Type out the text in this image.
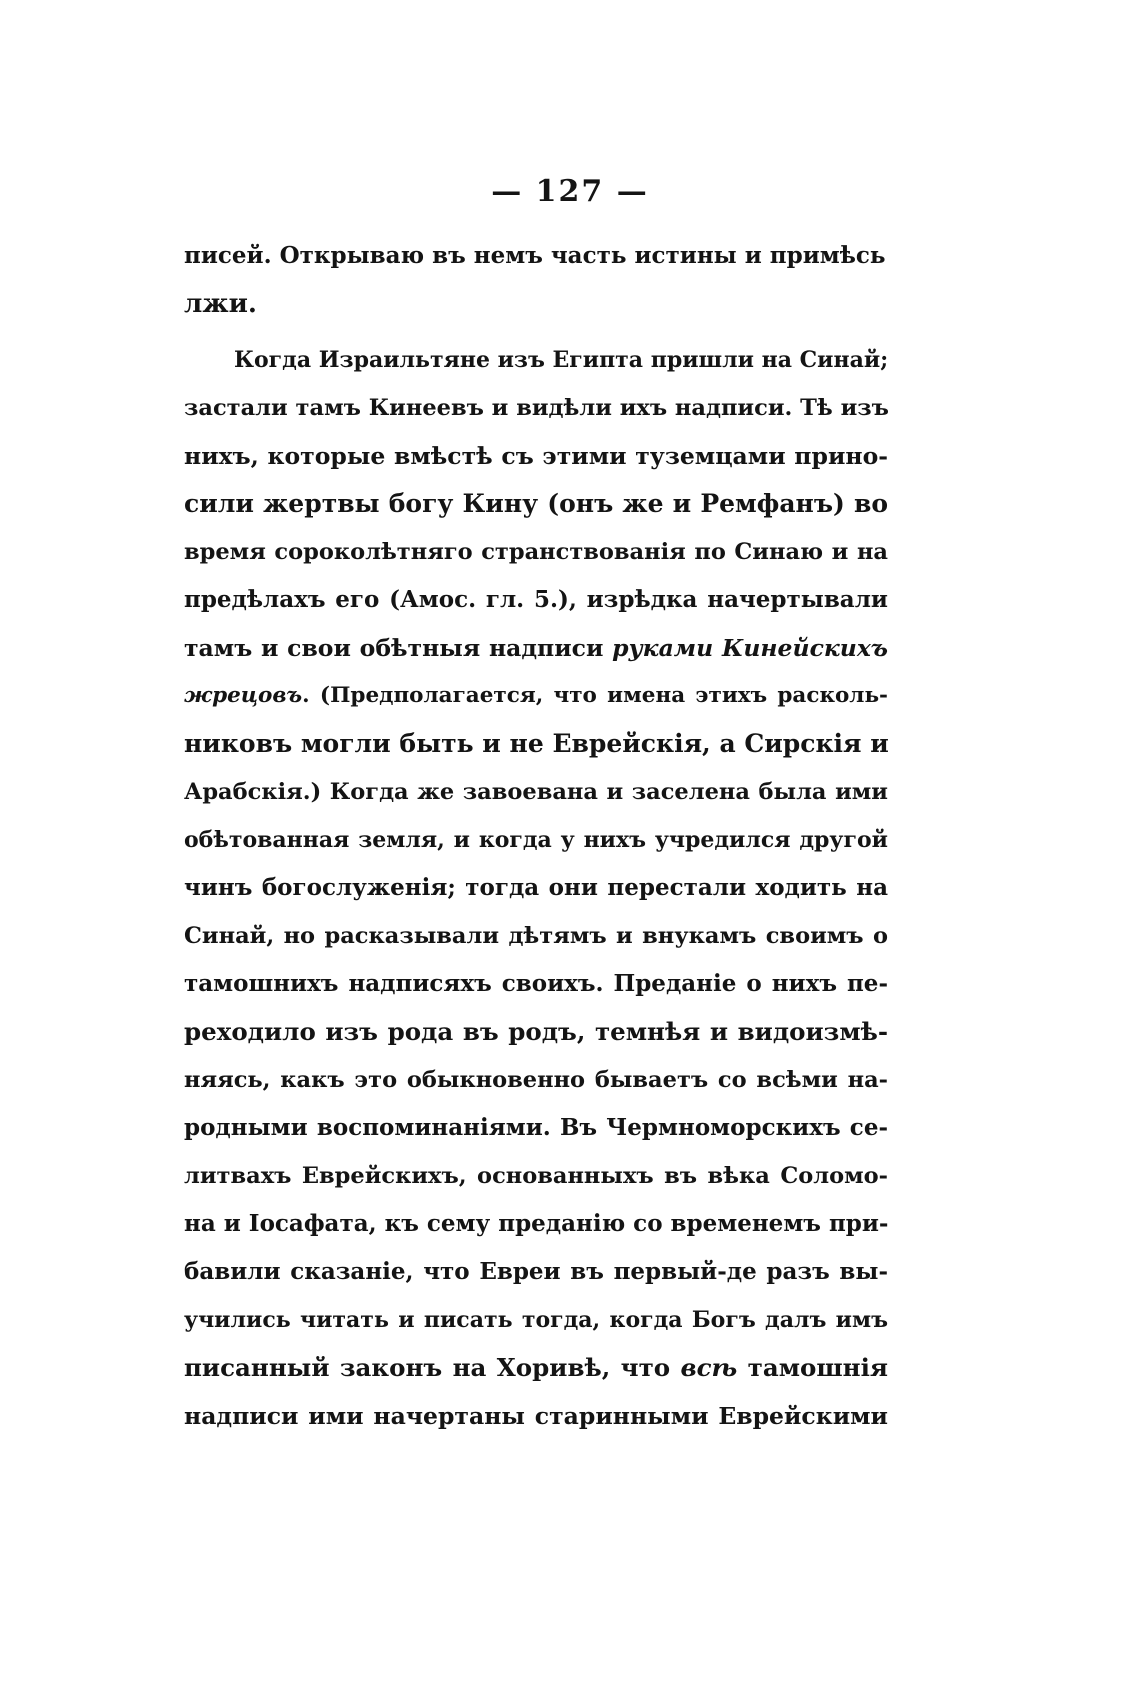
— 127 —
писей. Открываю въ немъ часть истины и примѣсь
лжи.
Когда Израильтяне изъ Египта пришли на Синай;
застали тамъ Кинеевъ и видѣли ихъ надписи. Тѣ изъ
нихъ, которые вмѣстѣ съ этими туземцами прино-
сили жертвы богу Кину (онъ же и Ремфанъ) во
время сороколѣтняго странствованія по Синаю и на
предѣлахъ его (Амос. гл. 5.), изрѣдка начертывали
тамъ и свои обѣтныя надписи руками Кинейскихъ
жрецовъ. (Предполагается, что имена этихъ расколь-
никовъ могли быть и не Еврейскія, а Сирскія и
Арабскія.) Когда же завоевана и заселена была ими
обѣтованная земля, и когда у нихъ учредился другой
чинъ богослуженія; тогда они перестали ходить на
Синай, но расказывали дѣтямъ и внукамъ своимъ о
тамошнихъ надписяхъ своихъ. Преданіе о нихъ пе-
реходило изъ рода въ родъ, темнѣя и видоизмѣ-
няясь, какъ это обыкновенно бываетъ со всѣми на-
родными воспоминаніями. Въ Чермноморскихъ се-
литвахъ Еврейскихъ, основанныхъ въ вѣка Соломо-
на и Іосафата, къ сему преданію со временемъ при-
бавили сказаніе, что Евреи въ первый-де разъ вы-
учились читать и писать тогда, когда Богъ далъ имъ
писанный законъ на Хоривѣ, что всѣ тамошнія
надписи ими начертаны старинными Еврейскими
